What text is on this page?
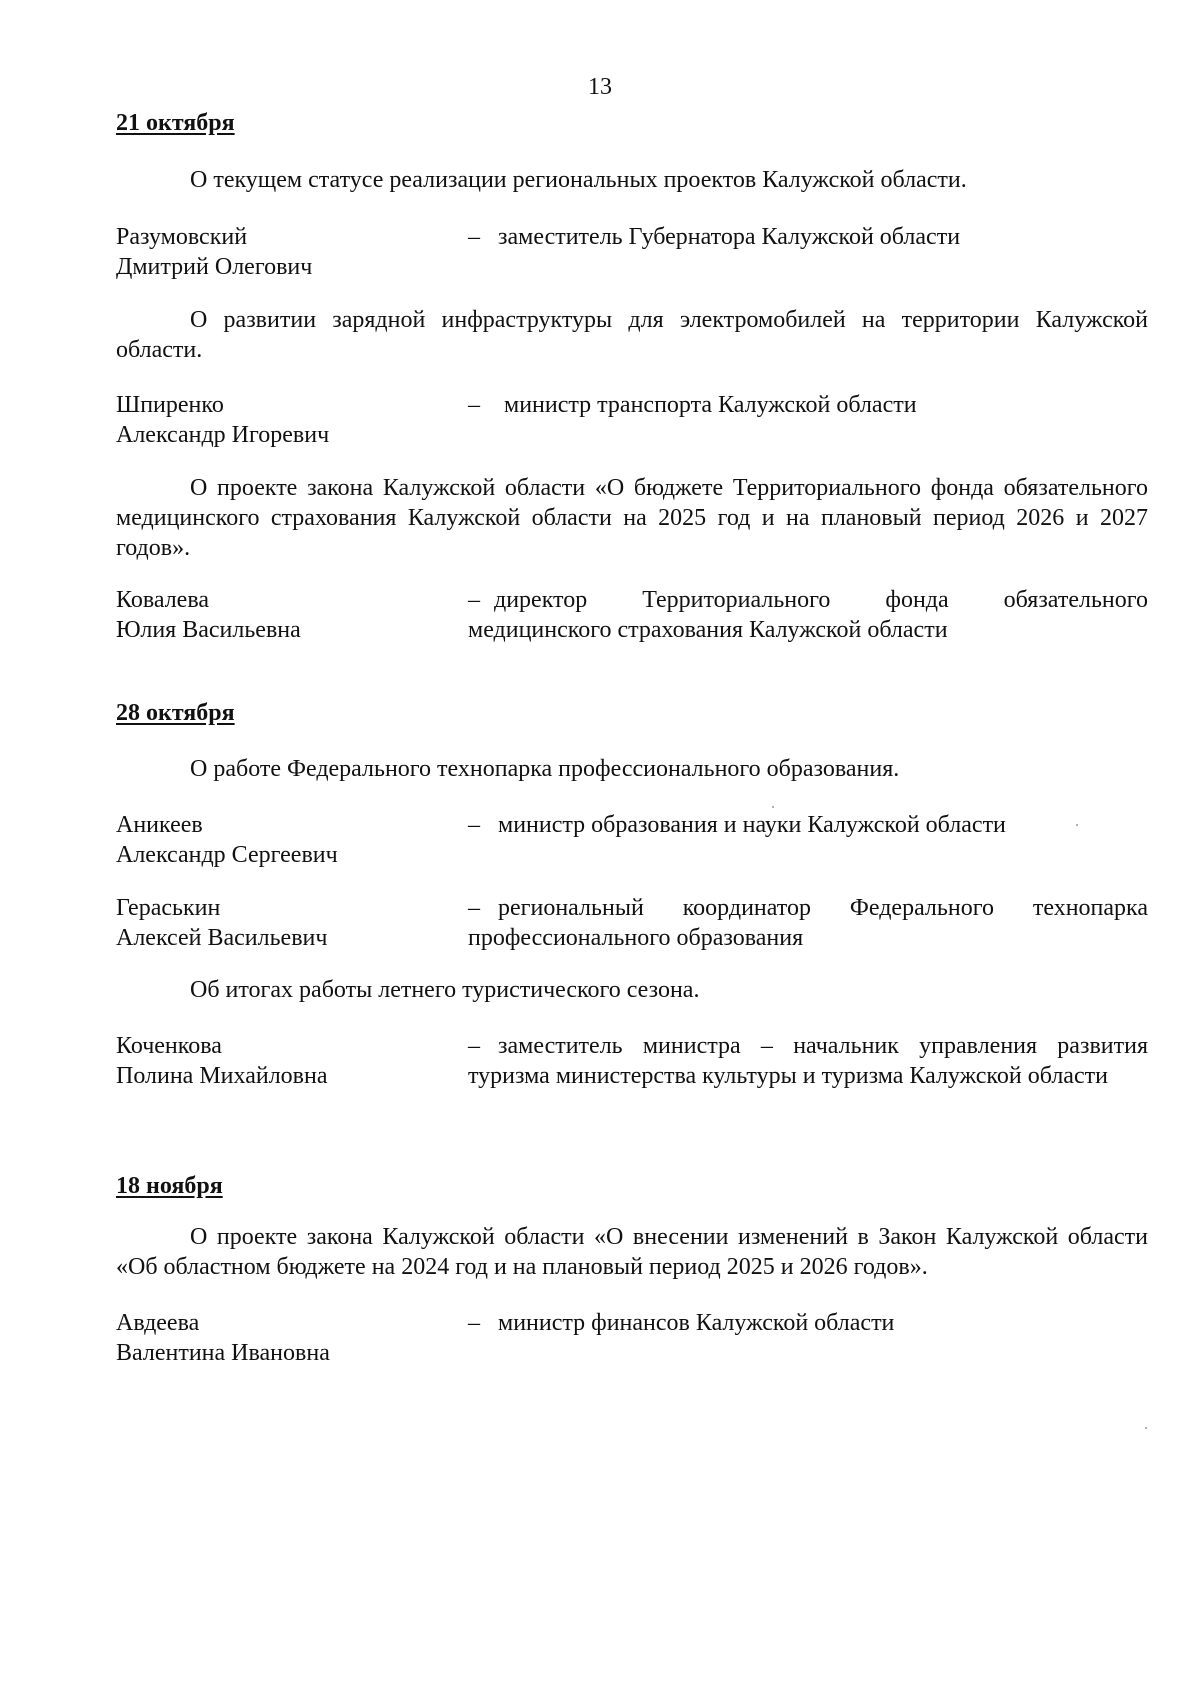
13
21 октября

О текущем статусе реализации региональных проектов Калужской области.

Разумовский
Дмитрий Олегович
– заместитель Губернатора Калужской области

О развитии зарядной инфраструктуры для электромобилей на территории Калужской области.

Шпиренко
Александр Игоревич
– министр транспорта Калужской области

О проекте закона Калужской области «О бюджете Территориального фонда обязательного медицинского страхования Калужской области на 2025 год и на плановый период 2026 и 2027 годов».

Ковалева
Юлия Васильевна
– директор Территориального фонда обязательного медицинского страхования Калужской области
28 октября

О работе Федерального технопарка профессионального образования.

Аникеев
Александр Сергеевич
– министр образования и науки Калужской области
Гераськин
Алексей Васильевич
– региональный координатор Федерального технопарка профессионального образования

Об итогах работы летнего туристического сезона.

Коченкова
Полина Михайловна
– заместитель министра – начальник управления развития туризма министерства культуры и туризма Калужской области
18 ноября

О проекте закона Калужской области «О внесении изменений в Закон Калужской области «Об областном бюджете на 2024 год и на плановый период 2025 и 2026 годов».

Авдеева
Валентина Ивановна
– министр финансов Калужской области
